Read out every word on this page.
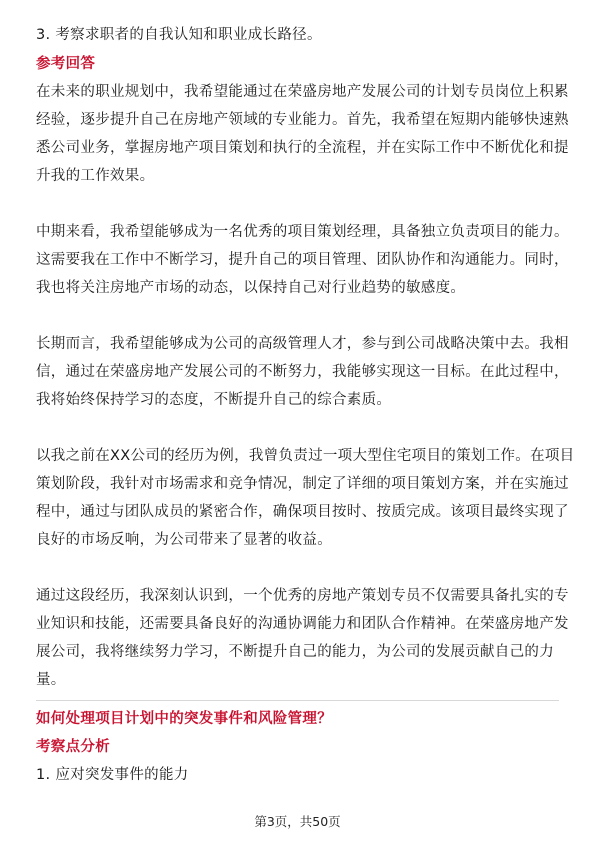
3. 考察求职者的自我认知和职业成长路径。
参考回答
在未来的职业规划中，我希望能通过在荣盛房地产发展公司的计划专员岗位上积累
经验，逐步提升自己在房地产领域的专业能力。首先，我希望在短期内能够快速熟
悉公司业务，掌握房地产项目策划和执行的全流程，并在实际工作中不断优化和提
升我的工作效果。
中期来看，我希望能够成为一名优秀的项目策划经理，具备独立负责项目的能力。
这需要我在工作中不断学习，提升自己的项目管理、团队协作和沟通能力。同时，
我也将关注房地产市场的动态，以保持自己对行业趋势的敏感度。
长期而言，我希望能够成为公司的高级管理人才，参与到公司战略决策中去。我相
信，通过在荣盛房地产发展公司的不断努力，我能够实现这一目标。在此过程中，
我将始终保持学习的态度，不断提升自己的综合素质。
以我之前在XX公司的经历为例，我曾负责过一项大型住宅项目的策划工作。在项目
策划阶段，我针对市场需求和竞争情况，制定了详细的项目策划方案，并在实施过
程中，通过与团队成员的紧密合作，确保项目按时、按质完成。该项目最终实现了
良好的市场反响，为公司带来了显著的收益。
通过这段经历，我深刻认识到，一个优秀的房地产策划专员不仅需要具备扎实的专
业知识和技能，还需要具备良好的沟通协调能力和团队合作精神。在荣盛房地产发
展公司，我将继续努力学习，不断提升自己的能力，为公司的发展贡献自己的力
量。
如何处理项目计划中的突发事件和风险管理？
考察点分析
1. 应对突发事件的能力
第3页，共50页
